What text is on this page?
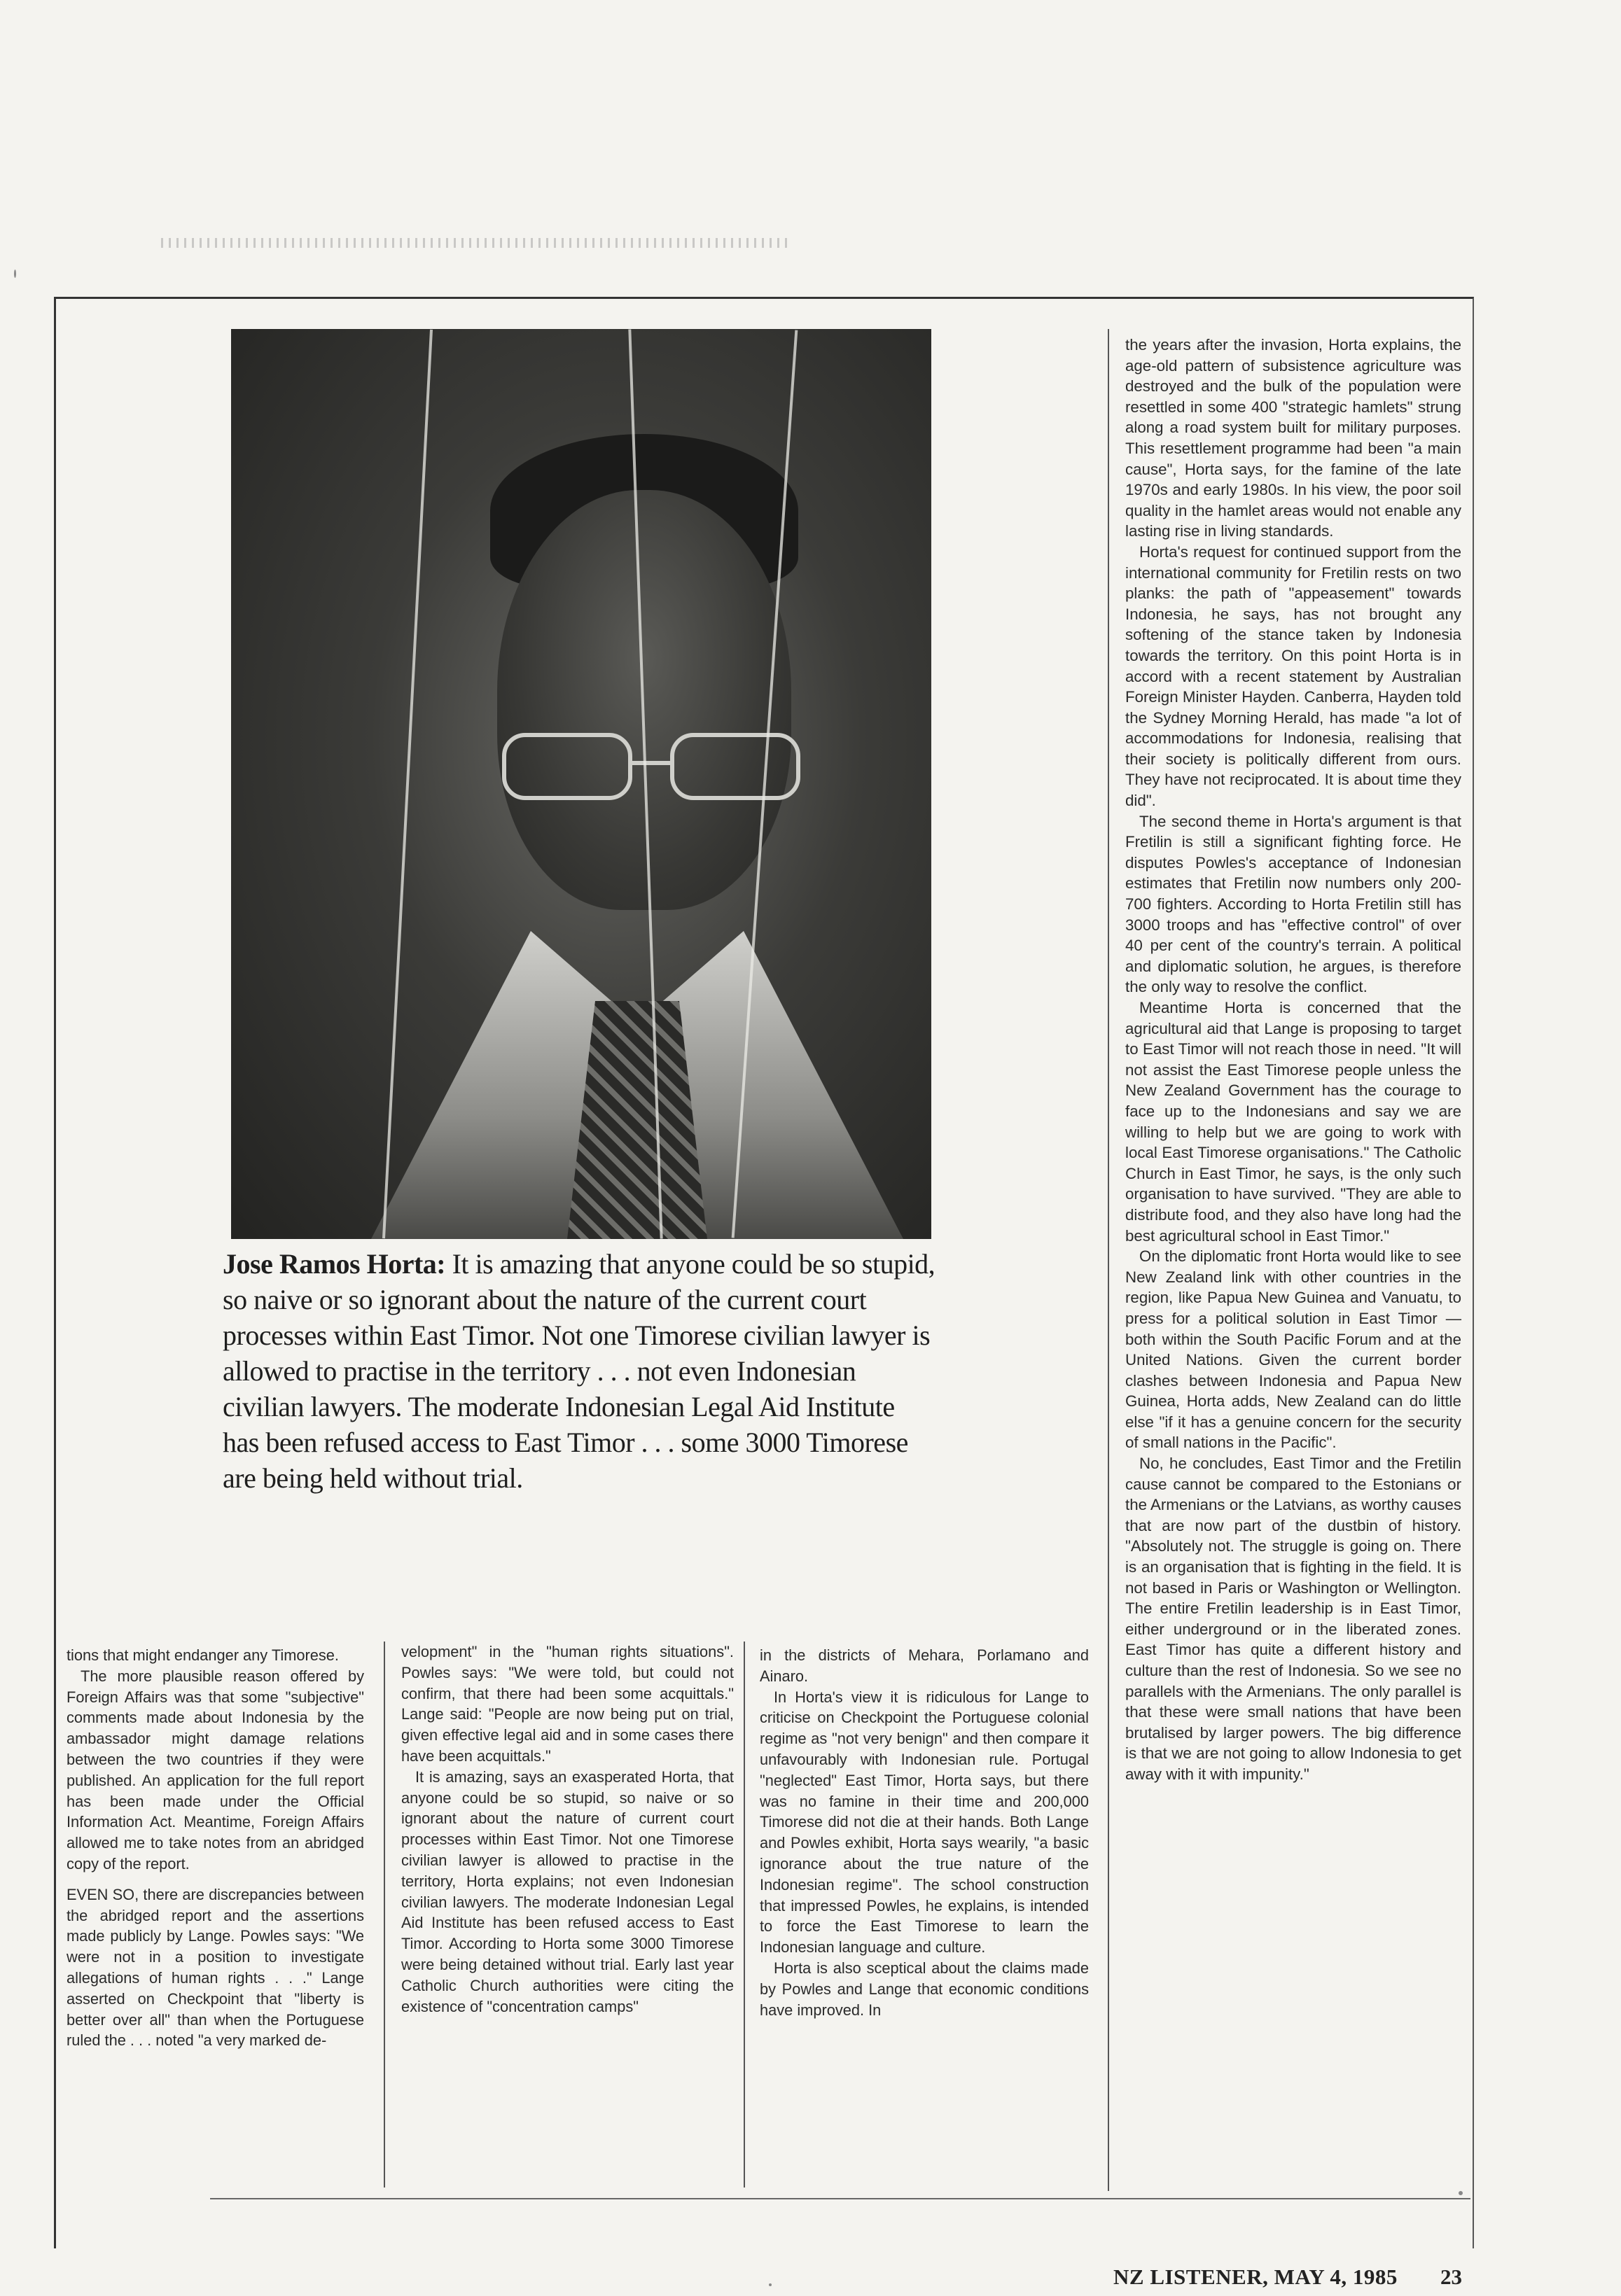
Jose Ramos Horta: It is amazing that anyone could be so stupid, so naive or so ignorant about the nature of the current court processes within East Timor. Not one Timorese civilian lawyer is allowed to practise in the territory . . . not even Indonesian civilian lawyers. The moderate Indonesian Legal Aid Institute has been refused access to East Timor . . . some 3000 Timorese are being held without trial.

tions that might endanger any Timorese.

The more plausible reason offered by Foreign Affairs was that some "subjective" comments made about Indonesia by the ambassador might damage relations between the two countries if they were published. An application for the full report has been made under the Official Information Act. Meantime, Foreign Affairs allowed me to take notes from an abridged copy of the report.

EVEN SO, there are discrepancies between the abridged report and the assertions made publicly by Lange. Powles says: "We were not in a position to investigate allegations of human rights . . ." Lange asserted on Checkpoint that "liberty is better over all" than when the Portuguese ruled the . . . noted "a very marked de-

velopment" in the "human rights situations". Powles says: "We were told, but could not confirm, that there had been some acquittals." Lange said: "People are now being put on trial, given effective legal aid and in some cases there have been acquittals."

It is amazing, says an exasperated Horta, that anyone could be so stupid, so naive or so ignorant about the nature of current court processes within East Timor. Not one Timorese civilian lawyer is allowed to practise in the territory, Horta explains; not even Indonesian civilian lawyers. The moderate Indonesian Legal Aid Institute has been refused access to East Timor. According to Horta some 3000 Timorese were being detained without trial. Early last year Catholic Church authorities were citing the existence of "concentration camps"

in the districts of Mehara, Porlamano and Ainaro.

In Horta's view it is ridiculous for Lange to criticise on Checkpoint the Portuguese colonial regime as "not very benign" and then compare it unfavourably with Indonesian rule. Portugal "neglected" East Timor, Horta says, but there was no famine in their time and 200,000 Timorese did not die at their hands. Both Lange and Powles exhibit, Horta says wearily, "a basic ignorance about the true nature of the Indonesian regime". The school construction that impressed Powles, he explains, is intended to force the East Timorese to learn the Indonesian language and culture.

Horta is also sceptical about the claims made by Powles and Lange that economic conditions have improved. In

the years after the invasion, Horta explains, the age-old pattern of subsistence agriculture was destroyed and the bulk of the population were resettled in some 400 "strategic hamlets" strung along a road system built for military purposes. This resettlement programme had been "a main cause", Horta says, for the famine of the late 1970s and early 1980s. In his view, the poor soil quality in the hamlet areas would not enable any lasting rise in living standards.

Horta's request for continued support from the international community for Fretilin rests on two planks: the path of "appeasement" towards Indonesia, he says, has not brought any softening of the stance taken by Indonesia towards the territory. On this point Horta is in accord with a recent statement by Australian Foreign Minister Hayden. Canberra, Hayden told the Sydney Morning Herald, has made "a lot of accommodations for Indonesia, realising that their society is politically different from ours. They have not reciprocated. It is about time they did".

The second theme in Horta's argument is that Fretilin is still a significant fighting force. He disputes Powles's acceptance of Indonesian estimates that Fretilin now numbers only 200-700 fighters. According to Horta Fretilin still has 3000 troops and has "effective control" of over 40 per cent of the country's terrain. A political and diplomatic solution, he argues, is therefore the only way to resolve the conflict.

Meantime Horta is concerned that the agricultural aid that Lange is proposing to target to East Timor will not reach those in need. "It will not assist the East Timorese people unless the New Zealand Government has the courage to face up to the Indonesians and say we are willing to help but we are going to work with local East Timorese organisations." The Catholic Church in East Timor, he says, is the only such organisation to have survived. "They are able to distribute food, and they also have long had the best agricultural school in East Timor."

On the diplomatic front Horta would like to see New Zealand link with other countries in the region, like Papua New Guinea and Vanuatu, to press for a political solution in East Timor — both within the South Pacific Forum and at the United Nations. Given the current border clashes between Indonesia and Papua New Guinea, Horta adds, New Zealand can do little else "if it has a genuine concern for the security of small nations in the Pacific".

No, he concludes, East Timor and the Fretilin cause cannot be compared to the Estonians or the Armenians or the Latvians, as worthy causes that are now part of the dustbin of history. "Absolutely not. The struggle is going on. There is an organisation that is fighting in the field. It is not based in Paris or Washington or Wellington. The entire Fretilin leadership is in East Timor, either underground or in the liberated zones. East Timor has quite a different history and culture than the rest of Indonesia. So we see no parallels with the Armenians. The only parallel is that these were small nations that have been brutalised by larger powers. The big difference is that we are not going to allow Indonesia to get away with it with impunity."

NZ LISTENER, MAY 4, 1985 23
